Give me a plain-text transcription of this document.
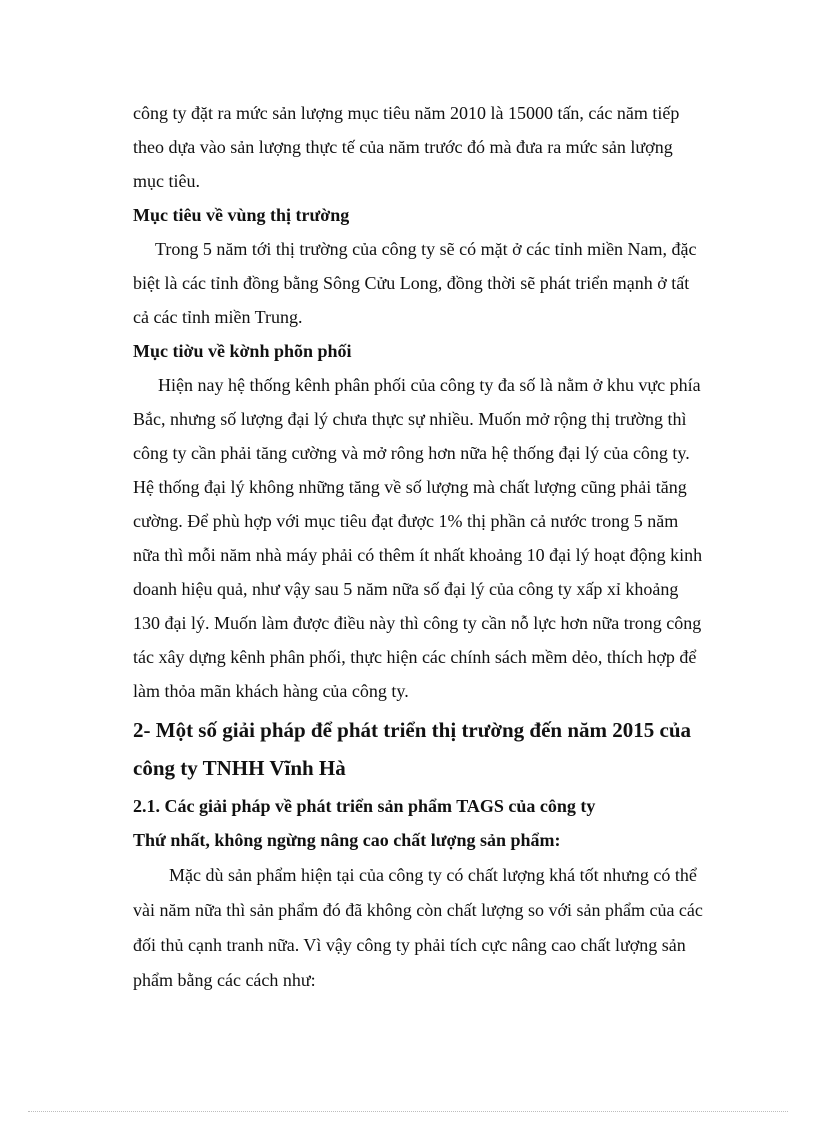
công ty đặt ra mức sản lượng mục tiêu năm 2010 là 15000 tấn, các năm tiếp
theo dựa vào sản lượng thực tế của năm trước đó mà đưa ra mức sản lượng
mục tiêu.
Mục tiêu về vùng thị trường
Trong 5 năm tới thị trường của công ty sẽ có mặt ở các tỉnh miền Nam, đặc
biệt là các tỉnh đồng bằng Sông Cửu Long, đồng thời sẽ phát triển mạnh ở tất
cả các tỉnh miền Trung.
Mục tiờu về kờnh phõn phối
Hiện nay hệ thống kênh phân phối của công ty đa số là nằm ở khu vực phía
Bắc, nhưng số lượng đại lý chưa thực sự nhiều. Muốn mở rộng thị trường thì
công ty cần phải tăng cường và mở rông hơn nữa hệ thống đại lý của công ty.
Hệ thống đại lý không những tăng về số lượng mà chất lượng cũng phải tăng
cường. Để phù hợp với mục tiêu đạt được 1% thị phần cả nước trong 5 năm
nữa thì mỗi năm nhà máy phải có thêm ít nhất khoảng 10 đại lý hoạt động kinh
doanh hiệu quả, như vậy sau 5 năm nữa số đại lý của công ty xấp xỉ khoảng
130 đại lý. Muốn làm được điều này thì công ty cần nỗ lực hơn nữa trong công
tác xây dựng kênh phân phối, thực hiện các chính sách mềm dẻo, thích hợp để
làm thỏa mãn khách hàng của công ty.
2- Một số giải pháp để phát triển thị trường đến năm 2015 của
công ty TNHH Vĩnh Hà
2.1. Các giải pháp về phát triển sản phẩm TAGS của công ty
Thứ nhất, không ngừng nâng cao chất lượng sản phẩm:
Mặc dù sản phẩm hiện tại của công ty có chất lượng khá tốt nhưng có thể
vài năm nữa thì sản phẩm đó đã không còn chất lượng so với sản phẩm của các
đối thủ cạnh tranh nữa. Vì vậy công ty phải tích cực nâng cao chất lượng sản
phẩm bằng các cách như:
